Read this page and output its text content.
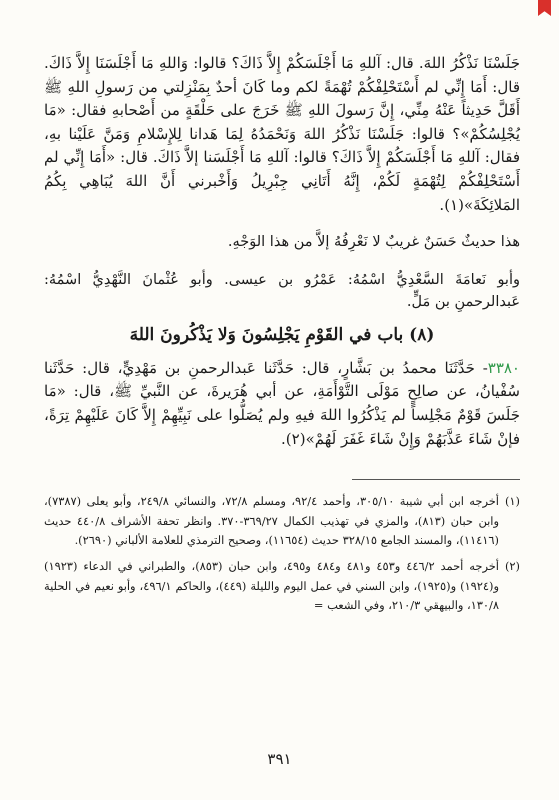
جَلَسْنَا نَذْكُرُ اللهَ. قال: آللهِ مَا أَجْلَسَكُمْ إِلاَّ ذَاكَ؟ قالوا: وَاللهِ مَا أَجْلَسَنَا إِلاَّ ذَاكَ. قال: أَمَا إِنِّي لم أَسْتَحْلِفْكُمْ تُهْمَةً لكم وما كَانَ أحدٌ بِمَنْزِلتي من رَسولِ اللهِ ﷺ أَقَلَّ حَدِيثاً عَنْهُ مِنِّي، إِنَّ رَسولَ اللهِ ﷺ خَرَجَ على حَلْقَةٍ من أَصْحابهِ فقال: «مَا يُجْلِسُكُمْ»؟ قالوا: جَلَسْنَا نَذْكُرُ اللهَ وَنَحْمَدُهُ لِمَا هَدانا لِلإِسْلامِ وَمَنَّ عَلَيْنا بهِ، فقال: آللهِ مَا أَجْلَسَكُمْ إِلاَّ ذَاكَ؟ قالوا: آللهِ مَا أَجْلَسَنا إلاَّ ذَاكَ. قال: «أَمَا إِنِّي لم أَسْتَحْلِفْكُمْ لِتُهْمَةٍ لَكُمْ، إِنَّهُ أَتَانِي جِبْرِيلُ وَأَخْبرني أَنَّ اللهَ يُبَاهِي بِكُمُ المَلائِكَةَ»(١).

هذا حديثٌ حَسَنٌ غريبٌ لا نَعْرِفُهُ إلاَّ من هذا الوَجْهِ.

وأبو نَعامَةَ السَّعْدِيُّ اسْمُهُ: عَمْرُو بن عيسى. وأبو عُثْمانَ النَّهْدِيُّ اسْمُهُ: عَبدالرحمنِ بن مَلٍّ.

(٨) باب في القَوْمِ يَجْلِسُونَ وَلا يَذْكُرونَ اللهَ

٣٣٨٠- حَدَّثَنَا محمدُ بن بَشَّارٍ، قال: حَدَّثَنا عَبدالرحمنِ بن مَهْدِيٍّ، قال: حَدَّثَنا سُفْيانُ، عن صالِحٍ مَوْلَى التَّوْأَمَةِ، عن أبي هُرَيرةَ، عن النَّبيِّ ﷺ، قال: «مَا جَلَسَ قَوْمٌ مَجْلِساً لم يَذْكُرُوا اللهَ فيهِ ولم يُصَلُّوا على نَبِيِّهِمْ إِلاَّ كَانَ عَلَيْهِمْ تِرَةً، فإنْ شَاءَ عَذَّبَهُمْ وَإِنْ شَاءَ غَفَرَ لَهُمْ»(٢).

(١)
أخرجه ابن أبي شيبة ٣٠٥/١٠، وأحمد ٩٢/٤، ومسلم ٧٢/٨، والنسائي ٢٤٩/٨، وأبو يعلى (٧٣٨٧)، وابن حبان (٨١٣)، والمزي في تهذيب الكمال ٣٦٩/٢٧-٣٧٠. وانظر تحفة الأشراف ٤٤٠/٨ حديث (١١٤١٦)، والمسند الجامع ٣٢٨/١٥ حديث (١١٦٥٤)، وصحيح الترمذي للعلامة الألباني (٢٦٩٠).
(٢)
أخرجه أحمد ٤٤٦/٢ و٤٥٣ و٤٨١ و٤٨٤ و٤٩٥، وابن حبان (٨٥٣)، والطبراني في الدعاء (١٩٢٣) و(١٩٢٤) و(١٩٢٥)، وابن السني في عمل اليوم والليلة (٤٤٩)، والحاكم ٤٩٦/١، وأبو نعيم في الحلية ١٣٠/٨، والبيهقي ٢١٠/٣، وفي الشعب =
٣٩١
